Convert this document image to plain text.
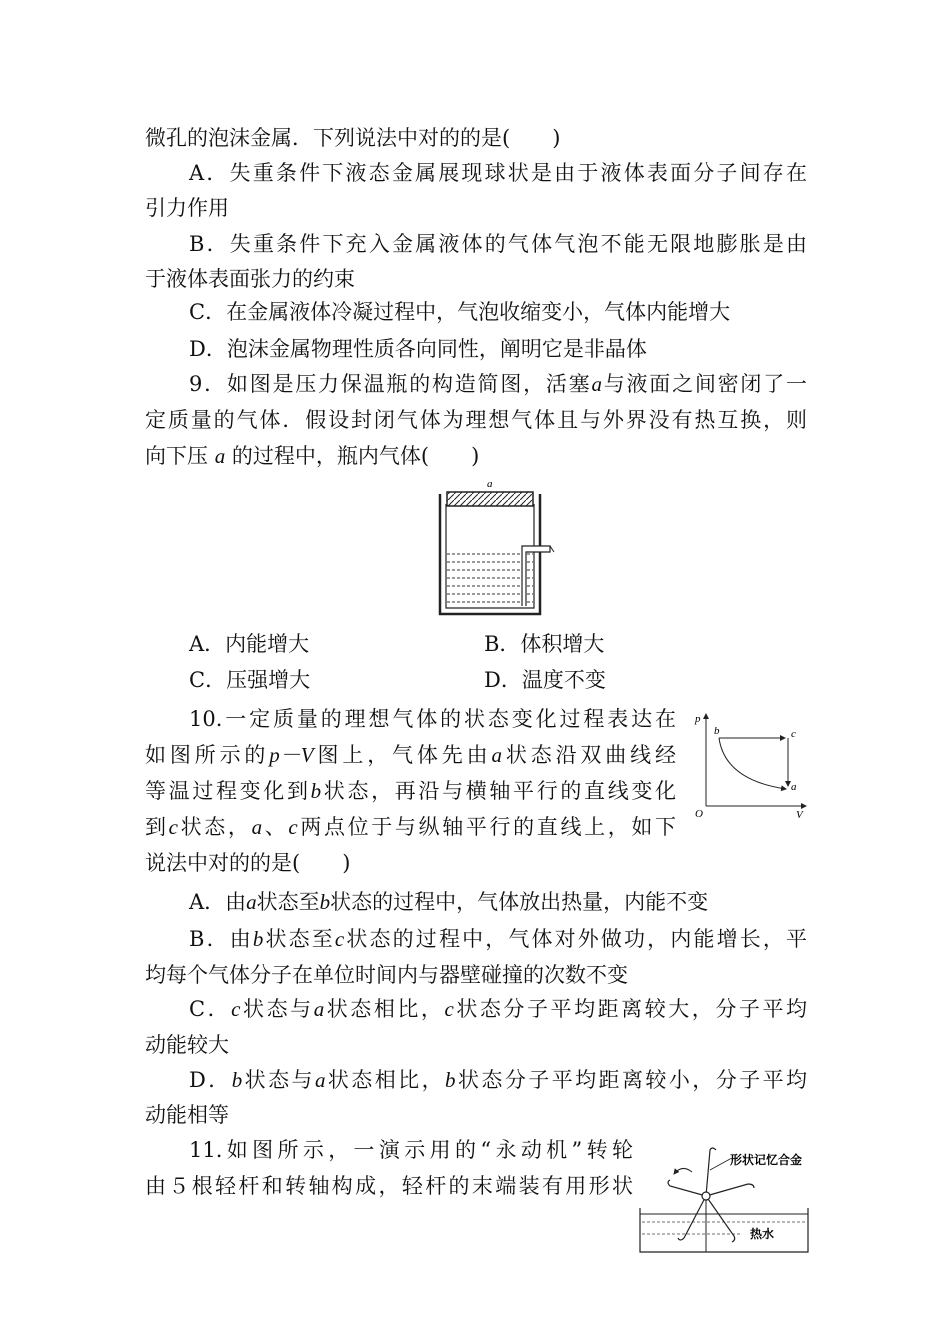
微孔的泡沫金属．下列说法中对的的是(　　)
A．失重条件下液态金属展现球状是由于液体表面分子间存在
引力作用
B．失重条件下充入金属液体的气体气泡不能无限地膨胀是由
于液体表面张力的约束
C．在金属液体冷凝过程中，气泡收缩变小，气体内能增大
D．泡沫金属物理性质各向同性，阐明它是非晶体
9．如图是压力保温瓶的构造简图，活塞a与液面之间密闭了一
定质量的气体．假设封闭气体为理想气体且与外界没有热互换，则
向下压 a 的过程中，瓶内气体(　　)
a
A．内能增大	B．体积增大
C．压强增大	D．温度不变
10.一定质量的理想气体的状态变化过程表达在
如图所示的p－V图上，气体先由a状态沿双曲线经
等温过程变化到b状态，再沿与横轴平行的直线变化
到c状态，a、c两点位于与纵轴平行的直线上，如下
说法中对的的是(　　)
p
V
O
b	c
a
A．由a状态至b状态的过程中，气体放出热量，内能不变
B．由b状态至c状态的过程中，气体对外做功，内能增长，平
均每个气体分子在单位时间内与器壁碰撞的次数不变
C．c状态与a状态相比，c状态分子平均距离较大，分子平均
动能较大
D．b状态与a状态相比，b状态分子平均距离较小，分子平均
动能相等
11.如图所示，一演示用的“永动机”转轮
由５根轻杆和转轴构成，轻杆的末端装有用形状
形状记忆合金
热水
